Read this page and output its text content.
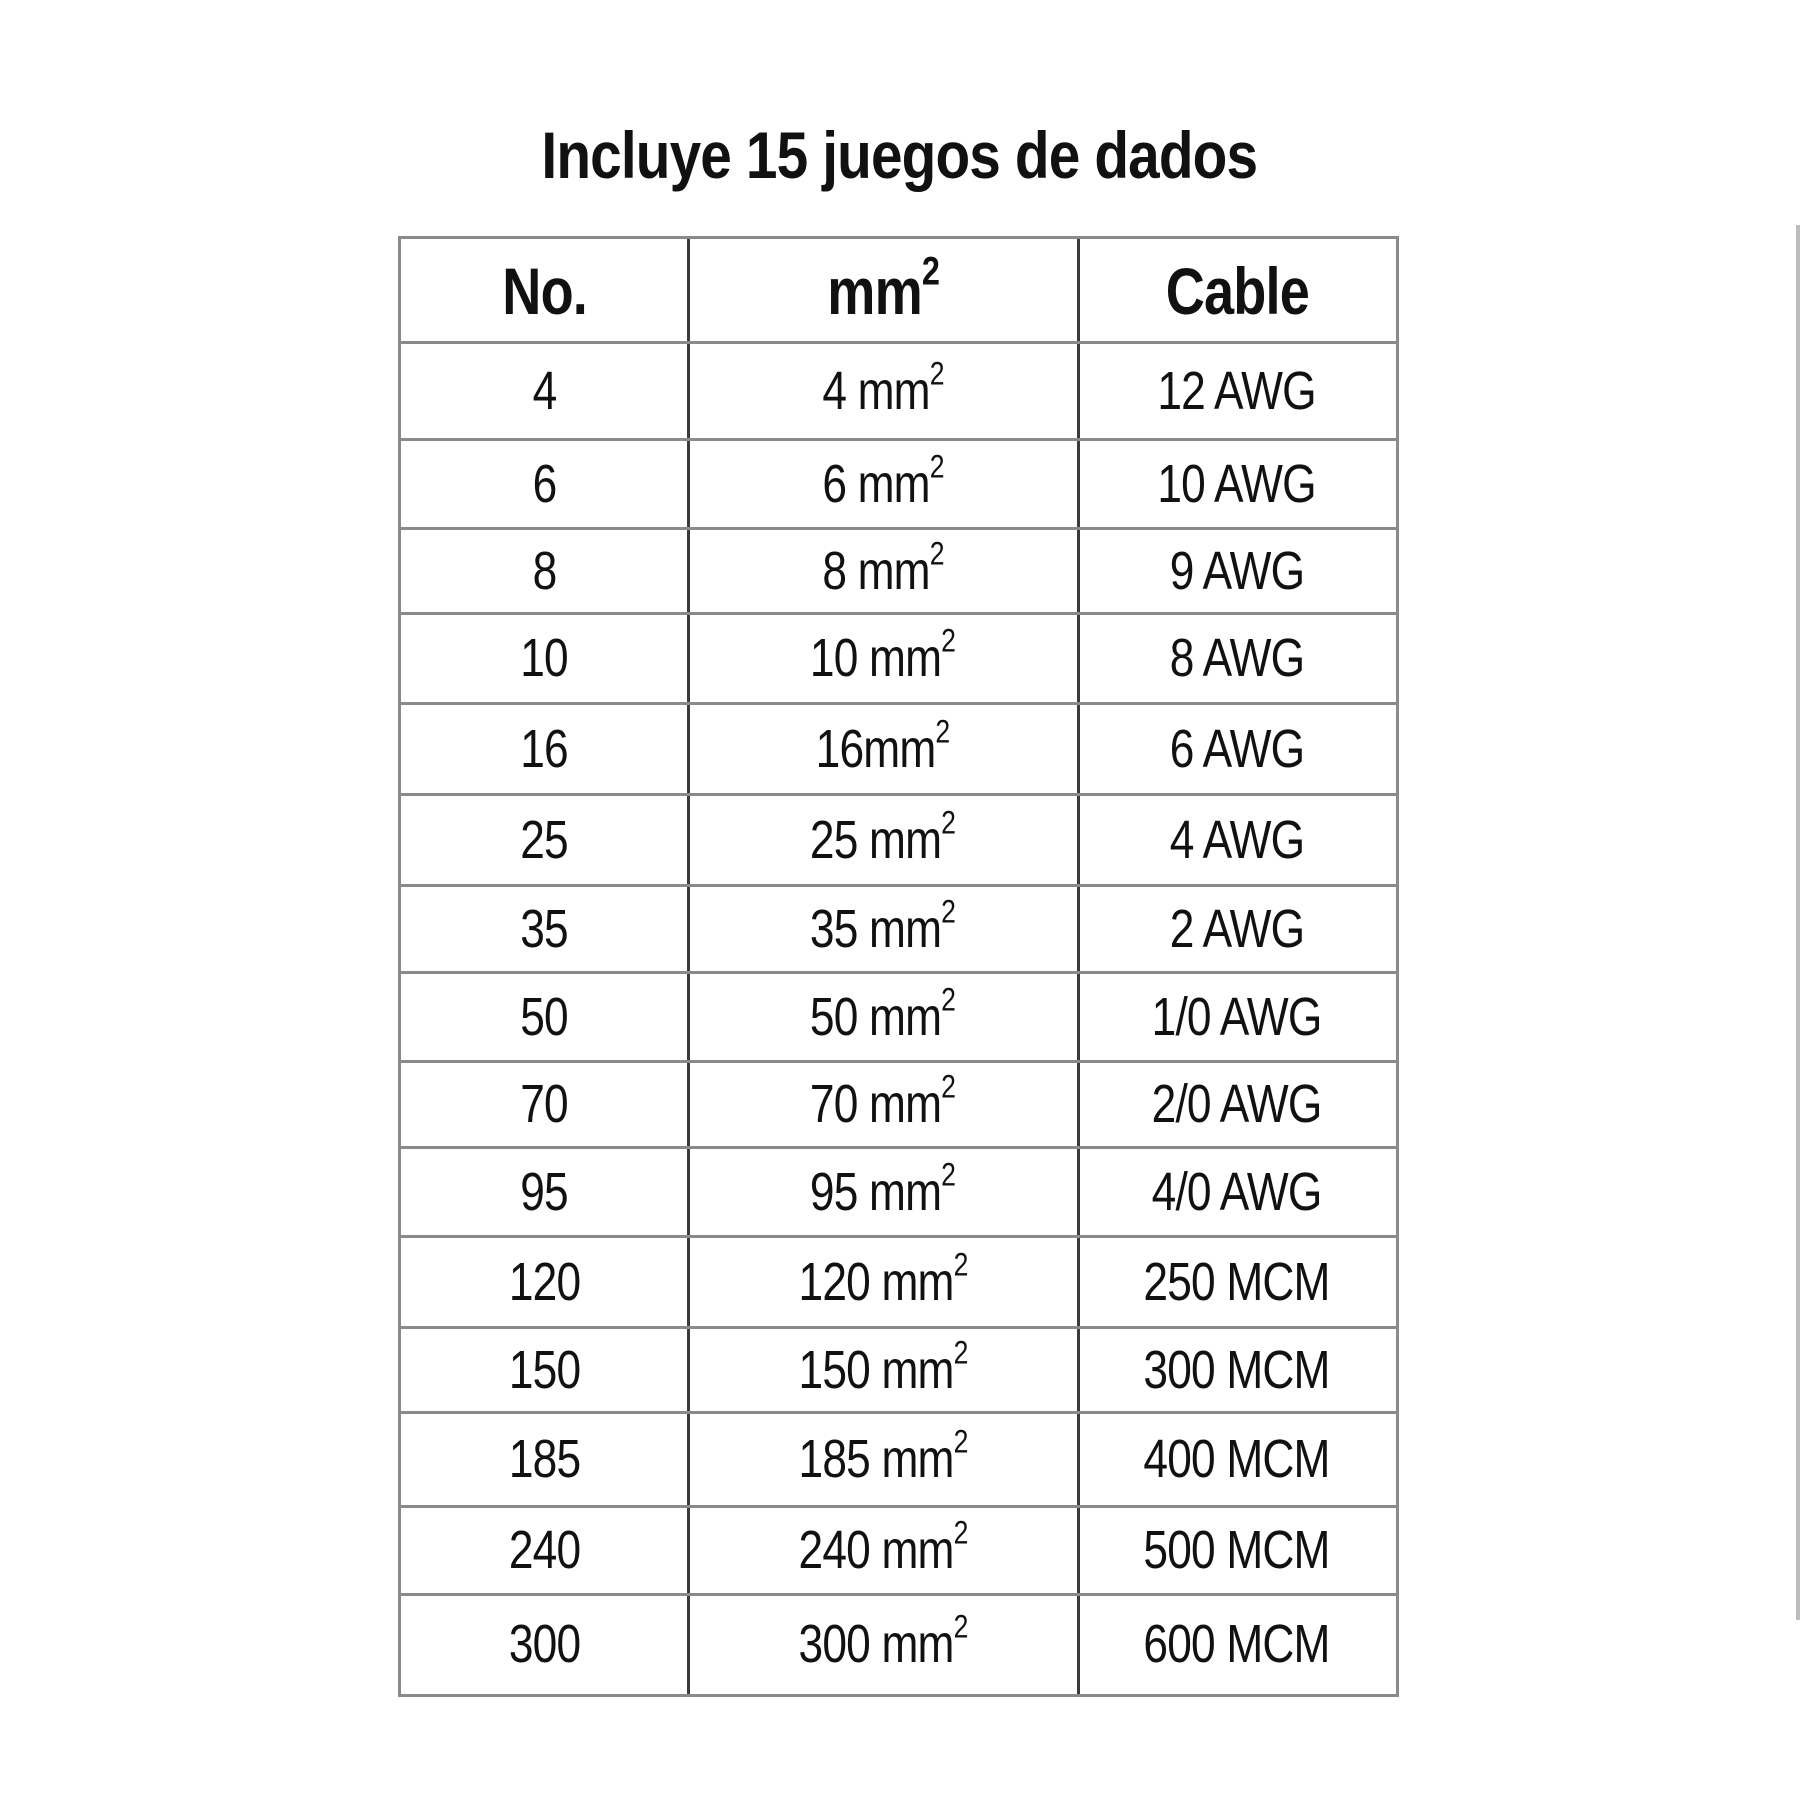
Incluye 15 juegos de dados
No.	$mm^2$	Cable
4	4 $mm^2$	12 AWG
6	6 $mm^2$	10 AWG
8	8 $mm^2$	9 AWG
10	10 $mm^2$	8 AWG
16	$16mm^2$	6 AWG
25	25 $mm^2$	4 AWG
35	35 $mm^2$	2 AWG
50	50 $mm^2$	1/0 AWG
70	70 $mm^2$	2/0 AWG
95	95 $mm^2$	4/0 AWG
120	120 $mm^2$	250 MCM
150	150 $mm^2$	300 MCM
185	185 $mm^2$	400 MCM
240	240 $mm^2$	500 MCM
300	300 $mm^2$	600 MCM
